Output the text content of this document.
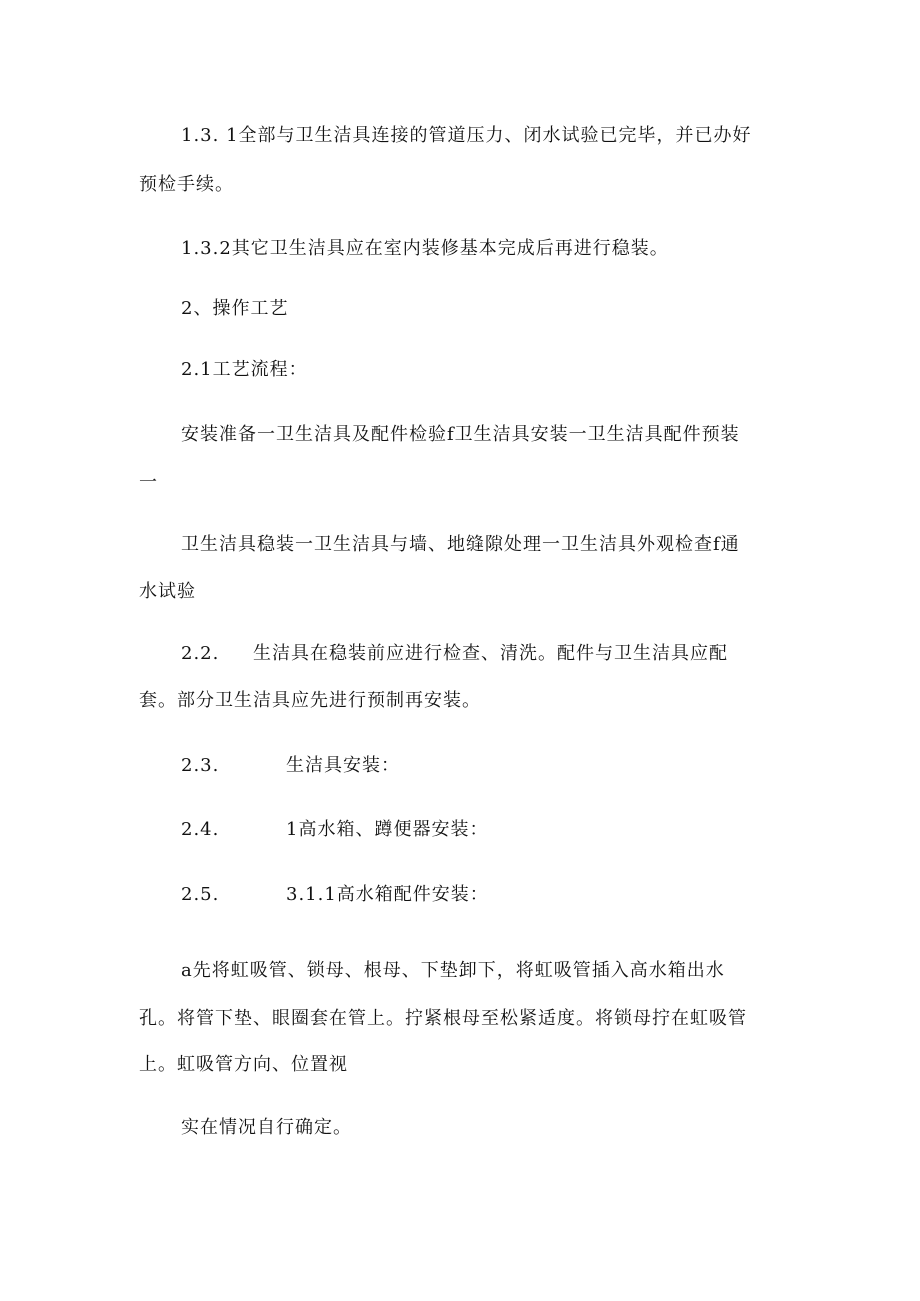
1.3. 1全部与卫生洁具连接的管道压力、闭水试验已完毕，并已办好

预检手续。

1.3.2其它卫生洁具应在室内装修基本完成后再进行稳装。

2、操作工艺

2.1工艺流程：

安装准备一卫生洁具及配件检验f卫生洁具安装一卫生洁具配件预装

一

卫生洁具稳装一卫生洁具与墙、地缝隙处理一卫生洁具外观检查f通

水试验

2.2. 生洁具在稳装前应进行检查、清洗。配件与卫生洁具应配

套。部分卫生洁具应先进行预制再安装。

2.3.	生洁具安装：

2.4.	1高水箱、蹲便器安装：

2.5.	3.1.1高水箱配件安装：

a先将虹吸管、锁母、根母、下垫卸下，将虹吸管插入高水箱出水

孔。将管下垫、眼圈套在管上。拧紧根母至松紧适度。将锁母拧在虹吸管

上。虹吸管方向、位置视

实在情况自行确定。
